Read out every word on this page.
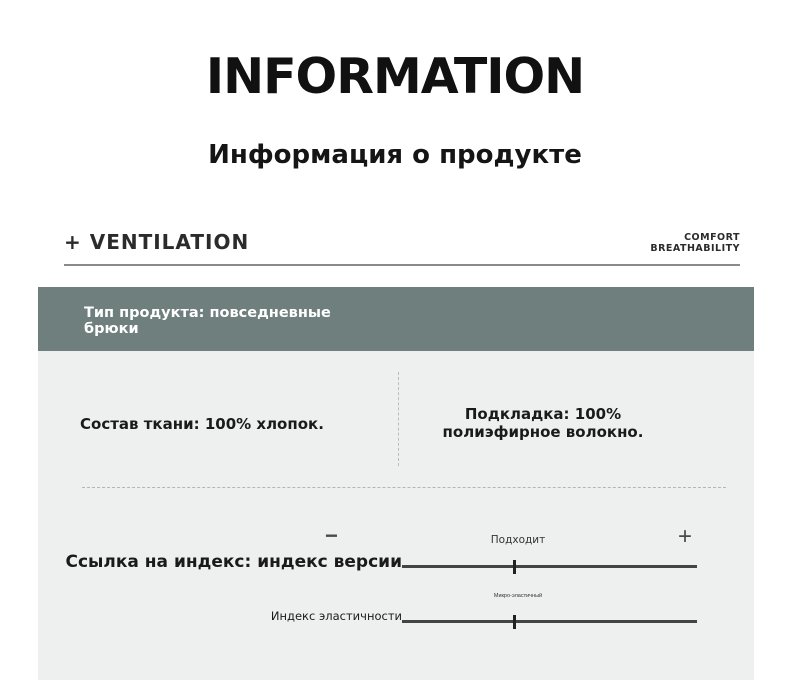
INFORMATION
Информация о продукте
+ VENTILATION	COMFORT
BREATHABILITY
Тип продукта: повседневные брюки
Состав ткани: 100% хлопок.
Подкладка: 100% полиэфирное волокно.
−	Подходит	+
Ссылка на индекс: индекс версии
Микро-эластичный
Индекс эластичности
